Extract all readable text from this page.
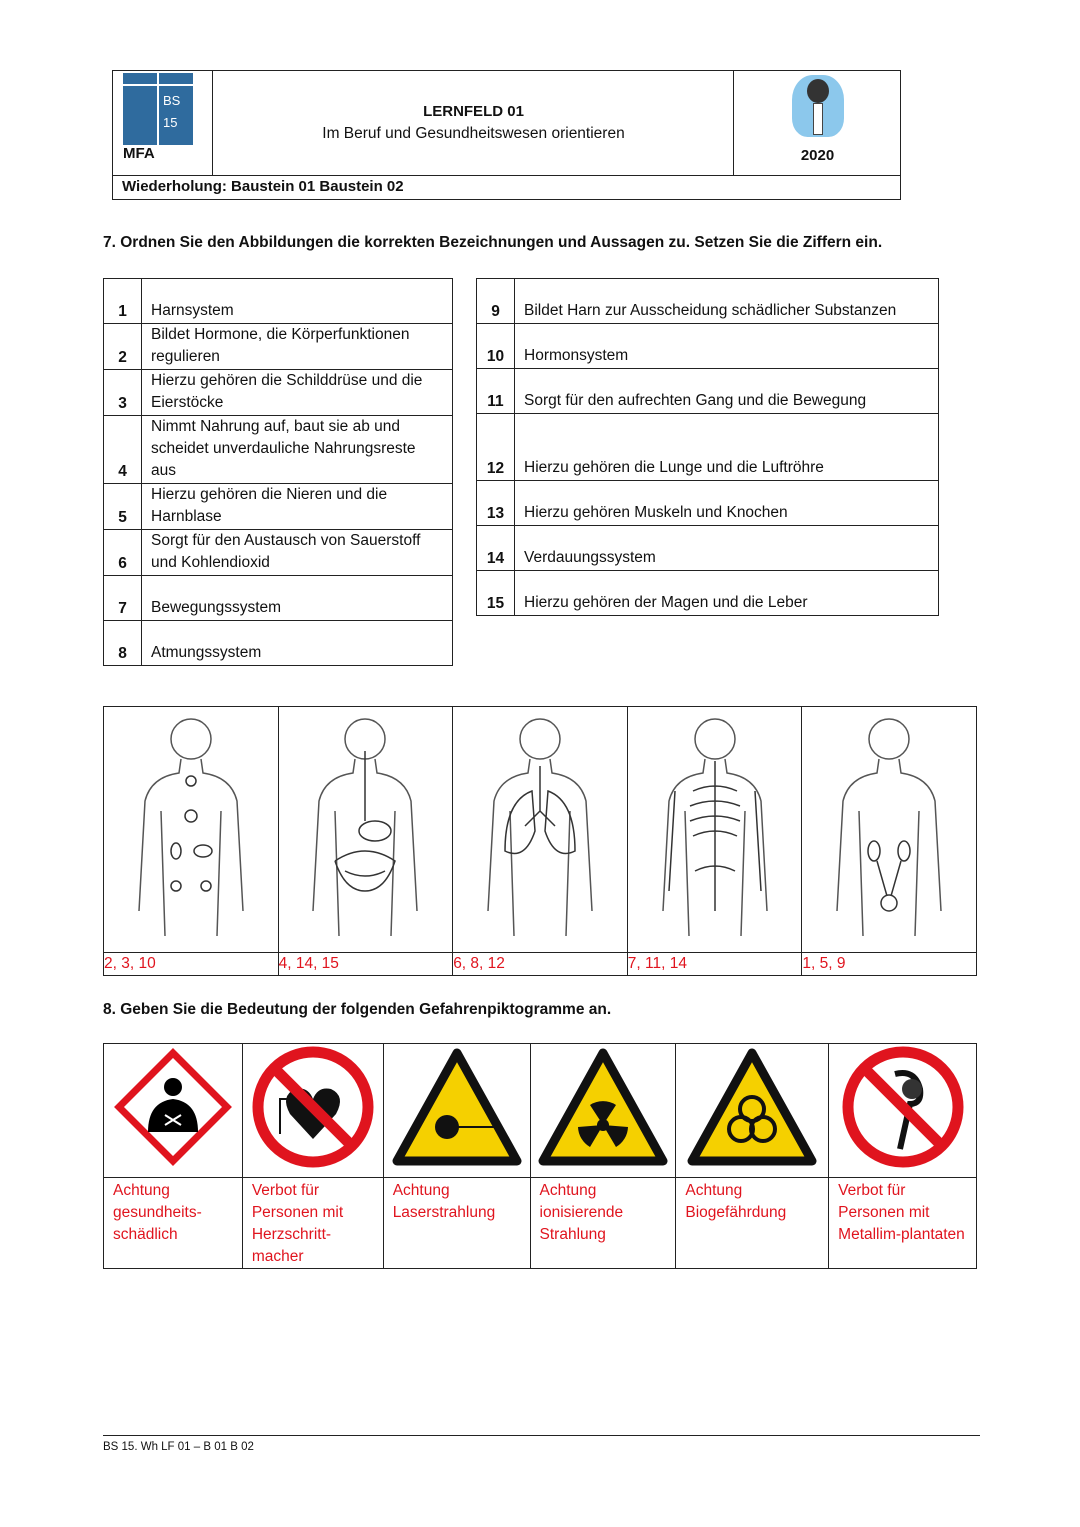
BS 15
MFA

LERNFELD 01
Im Beruf und Gesundheitswesen orientieren

2020

Wiederholung: Baustein 01 Baustein 02
7. Ordnen Sie den Abbildungen die korrekten Bezeichnungen und Aussagen zu. Setzen Sie die Ziffern ein.
1	Harnsystem
2	Bildet Hormone, die Körperfunktionen regulieren
3	Hierzu gehören die Schilddrüse und die Eierstöcke
4	Nimmt Nahrung auf, baut sie ab und scheidet unverdauliche Nahrungsreste aus
5	Hierzu gehören die Nieren und die Harnblase
6	Sorgt für den Austausch von Sauerstoff und Kohlendioxid
7	Bewegungssystem
8	Atmungssystem
9	Bildet Harn zur Ausscheidung schädlicher Substanzen
10	Hormonsystem
11	Sorgt für den aufrechten Gang und die Bewegung
12	Hierzu gehören die Lunge und die Luftröhre
13	Hierzu gehören Muskeln und Knochen
14	Verdauungssystem
15	Hierzu gehören der Magen und die Leber

2, 3, 10	4, 14, 15	6, 8, 12	7, 11, 14	1, 5, 9
8. Geben Sie die Bedeutung der folgenden Gefahrenpiktogramme an.

Achtung gesundheits-schädlich	Verbot für Personen mit Herzschritt-macher	Achtung Laserstrahlung	Achtung ionisierende Strahlung	Achtung Biogefährdung	Verbot für Personen mit Metallim-plantaten
BS 15. Wh LF 01 – B 01 B 02
